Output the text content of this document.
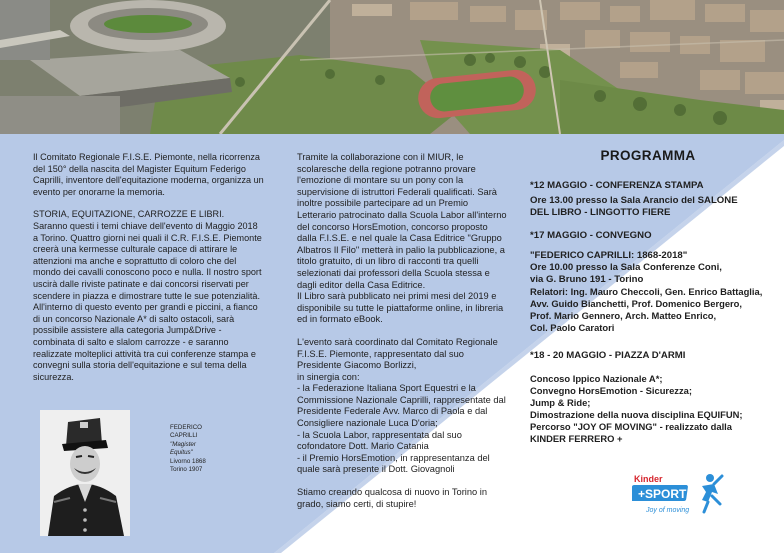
Il Comitato Regionale F.I.S.E. Piemonte, nella ricorrenza del 150° della nascita del Magister Equitum Federigo Caprilli, inventore dell'equitazione moderna, organizza un evento per onorarne la memoria.

STORIA, EQUITAZIONE, CARROZZE E LIBRI.

Saranno questi i temi chiave dell'evento di Maggio 2018 a Torino. Quattro giorni nei quali il C.R. F.I.S.E. Piemonte creerà una kermesse culturale capace di attirare le attenzioni ma anche e soprattutto di coloro che del mondo dei cavalli conoscono poco e nulla. Il nostro sport uscirà dalle riviste patinate e dai concorsi riservati per scendere in piazza e dimostrare tutte le sue potenzialità. All'interno di questo evento per grandi e piccini, a fianco di un concorso Nazionale A* di salto ostacoli, sarà possibile assistere alla categoria Jump&Drive - combinata di salto e slalom carrozze - e saranno realizzate molteplici attività tra cui conferenze stampa e convegni sulla storia dell'equitazione e sul tema della sicurezza.

FEDERICO
CAPRILLI
"Magister
Equitus"
Livorno 1868
Torino 1907

Tramite la collaborazione con il MIUR, le scolaresche della regione potranno provare l'emozione di montare su un pony con la supervisione di istruttori Federali qualificati. Sarà inoltre possibile partecipare ad un Premio Letterario patrocinato dalla Scuola Labor all'interno del concorso HorsEmotion, concorso proposto dalla F.I.S.E. e nel quale la Casa Editrice "Gruppo Albatros Il Filo" metterà in palio la pubblicazione, a titolo gratuito, di un libro di racconti tra quelli selezionati dai professori della Scuola stessa e dagli editor della Casa Editrice.

Il Libro sarà pubblicato nei primi mesi del 2019 e disponibile su tutte le piattaforme online, in libreria ed in formato eBook.

L'evento sarà coordinato dal Comitato Regionale F.I.S.E. Piemonte, rappresentato dal suo Presidente Giacomo Borlizzi,

in sinergia con:

- la Federazione Italiana Sport Equestri e la Commissione Nazionale Caprilli, rappresentate dal Presidente Federale Avv. Marco di Paola e dal Consigliere nazionale Luca D'oria;

- la Scuola Labor, rappresentata dal suo cofondatore Dott. Mario Catania

- il Premio HorsEmotion, in rappresentanza del quale sarà presente il Dott. Giovagnoli

Stiamo creando qualcosa di nuovo in Torino in grado, siamo certi, di stupire!

PROGRAMMA
*12 MAGGIO - CONFERENZA STAMPA
Ore 13.00 presso la Sala Arancio del SALONE
DEL LIBRO - LINGOTTO FIERE
*17 MAGGIO - CONVEGNO
"FEDERICO CAPRILLI: 1868-2018"
Ore 10.00 presso la Sala Conferenze Coni,
via G. Bruno 191 - Torino
Relatori: Ing. Mauro Checcoli, Gen. Enrico Battaglia,
Avv. Guido Bianchetti, Prof. Domenico Bergero,
Prof. Mario Gennero, Arch. Matteo Enrico,
Col. Paolo Caratori
*18 - 20 MAGGIO - PIAZZA D'ARMI
Concoso Ippico Nazionale A*;
Convegno HorsEmotion - Sicurezza;
Jump & Ride;
Dimostrazione della nuova disciplina EQUIFUN;
Percorso "JOY OF MOVING" - realizzato dalla
KINDER FERRERO +
Kinder
+SPORT
Joy of moving
